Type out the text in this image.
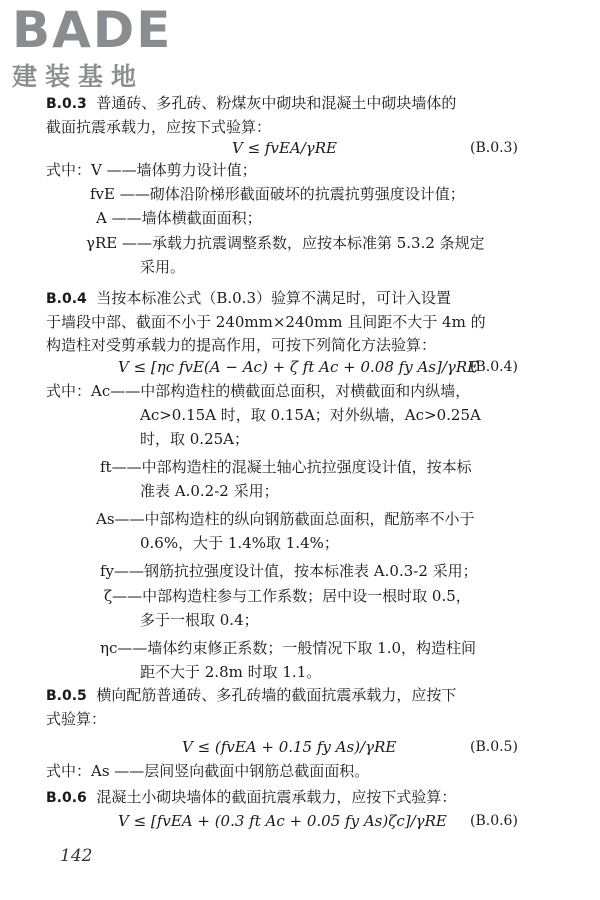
BADE
建装基地
B.0.3 普通砖、多孔砖、粉煤灰中砌块和混凝土中砌块墙体的
截面抗震承载力，应按下式验算：
V ≤ fvEA/γRE	(B.0.3)
式中：V ——墙体剪力设计值；
fvE ——砌体沿阶梯形截面破坏的抗震抗剪强度设计值；
A ——墙体横截面面积；
γRE ——承载力抗震调整系数，应按本标准第 5.3.2 条规定
采用。
B.0.4 当按本标准公式（B.0.3）验算不满足时，可计入设置
于墙段中部、截面不小于 240mm×240mm 且间距不大于 4m 的
构造柱对受剪承载力的提高作用，可按下列简化方法验算：
V ≤ [ηc fvE(A − Ac) + ζ ft Ac + 0.08 fy As]/γRE
(B.0.4)
式中：Ac——中部构造柱的横截面总面积，对横截面和内纵墙，
Ac>0.15A 时，取 0.15A；对外纵墙，Ac>0.25A
时，取 0.25A；
ft——中部构造柱的混凝土轴心抗拉强度设计值，按本标
准表 A.0.2-2 采用；
As——中部构造柱的纵向钢筋截面总面积，配筋率不小于
0.6%，大于 1.4%取 1.4%；
fy——钢筋抗拉强度设计值，按本标准表 A.0.3-2 采用；
ζ——中部构造柱参与工作系数；居中设一根时取 0.5，
多于一根取 0.4；
ηc——墙体约束修正系数；一般情况下取 1.0，构造柱间
距不大于 2.8m 时取 1.1。
B.0.5 横向配筋普通砖、多孔砖墙的截面抗震承载力，应按下
式验算：
V ≤ (fvEA + 0.15 fy As)/γRE	(B.0.5)
式中：As ——层间竖向截面中钢筋总截面面积。
B.0.6 混凝土小砌块墙体的截面抗震承载力，应按下式验算：
V ≤ [fvEA + (0.3 ft Ac + 0.05 fy As)ζc]/γRE (B.0.6)
142
